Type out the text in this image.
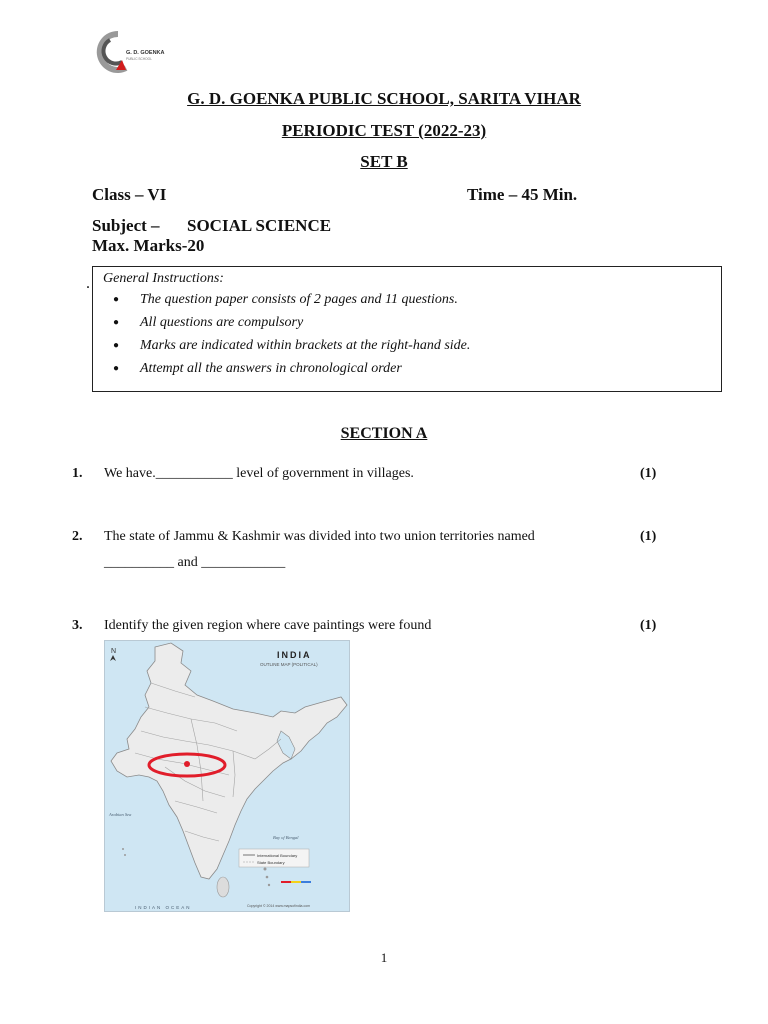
G. D. GOENKA
PUBLIC SCHOOL
G. D. GOENKA PUBLIC SCHOOL, SARITA VIHAR
PERIODIC TEST (2022-23)
SET B
Class – VI	Time – 45 Min.
Subject – SOCIAL SCIENCE
Max. Marks-20
. General Instructions:
● The question paper consists of 2 pages and 11 questions.
● All questions are compulsory
● Marks are indicated within brackets at the right-hand side.
● Attempt all the answers in chronological order
SECTION A
1. We have.___________ level of government in villages.	(1)
2. The state of Jammu & Kashmir was divided into two union territories named
__________ and ____________
(1)
3. Identify the given region where cave paintings were found	(1)
N	INDIA
OUTLINE MAP (POLITICAL)
Arabian Sea
Bay of Bengal
INDIAN OCEAN
International Boundary
State Boundary
Copyright © 2014 www.mapsofindia.com
1
